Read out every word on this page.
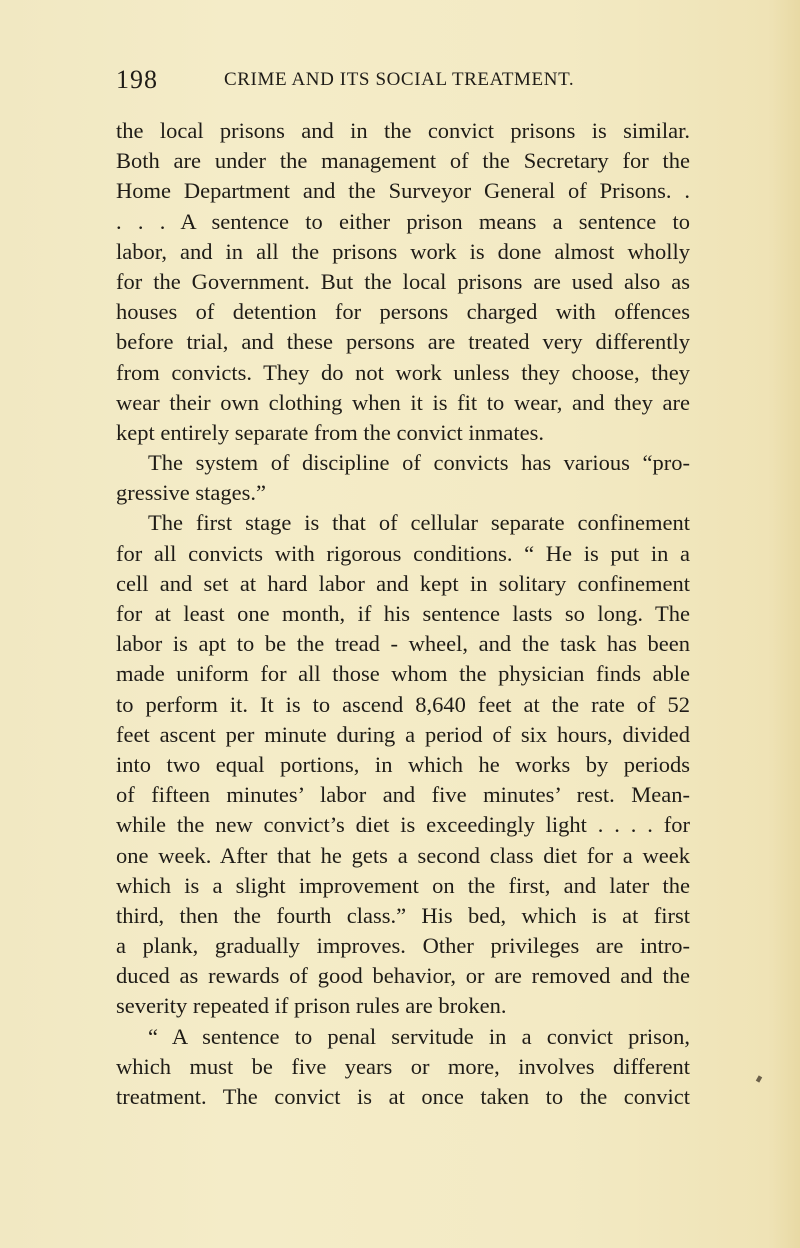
198	CRIME AND ITS SOCIAL TREATMENT.
the local prisons and in the convict prisons is similar.
Both are under the management of the Secretary for the
Home Department and the Surveyor General of Prisons. .
. . . A sentence to either prison means a sentence to
labor, and in all the prisons work is done almost wholly
for the Government. But the local prisons are used also as
houses of detention for persons charged with offences
before trial, and these persons are treated very differently
from convicts. They do not work unless they choose, they
wear their own clothing when it is fit to wear, and they are
kept entirely separate from the convict inmates.
The system of discipline of convicts has various “pro-
gressive stages.”
The first stage is that of cellular separate confinement
for all convicts with rigorous conditions. “ He is put in a
cell and set at hard labor and kept in solitary confinement
for at least one month, if his sentence lasts so long. The
labor is apt to be the tread - wheel, and the task has been
made uniform for all those whom the physician finds able
to perform it. It is to ascend 8,640 feet at the rate of 52
feet ascent per minute during a period of six hours, divided
into two equal portions, in which he works by periods
of fifteen minutes’ labor and five minutes’ rest. Mean-
while the new convict’s diet is exceedingly light . . . . for
one week. After that he gets a second class diet for a week
which is a slight improvement on the first, and later the
third, then the fourth class.” His bed, which is at first
a plank, gradually improves. Other privileges are intro-
duced as rewards of good behavior, or are removed and the
severity repeated if prison rules are broken.
“ A sentence to penal servitude in a convict prison,
which must be five years or more, involves different
treatment. The convict is at once taken to the convict
